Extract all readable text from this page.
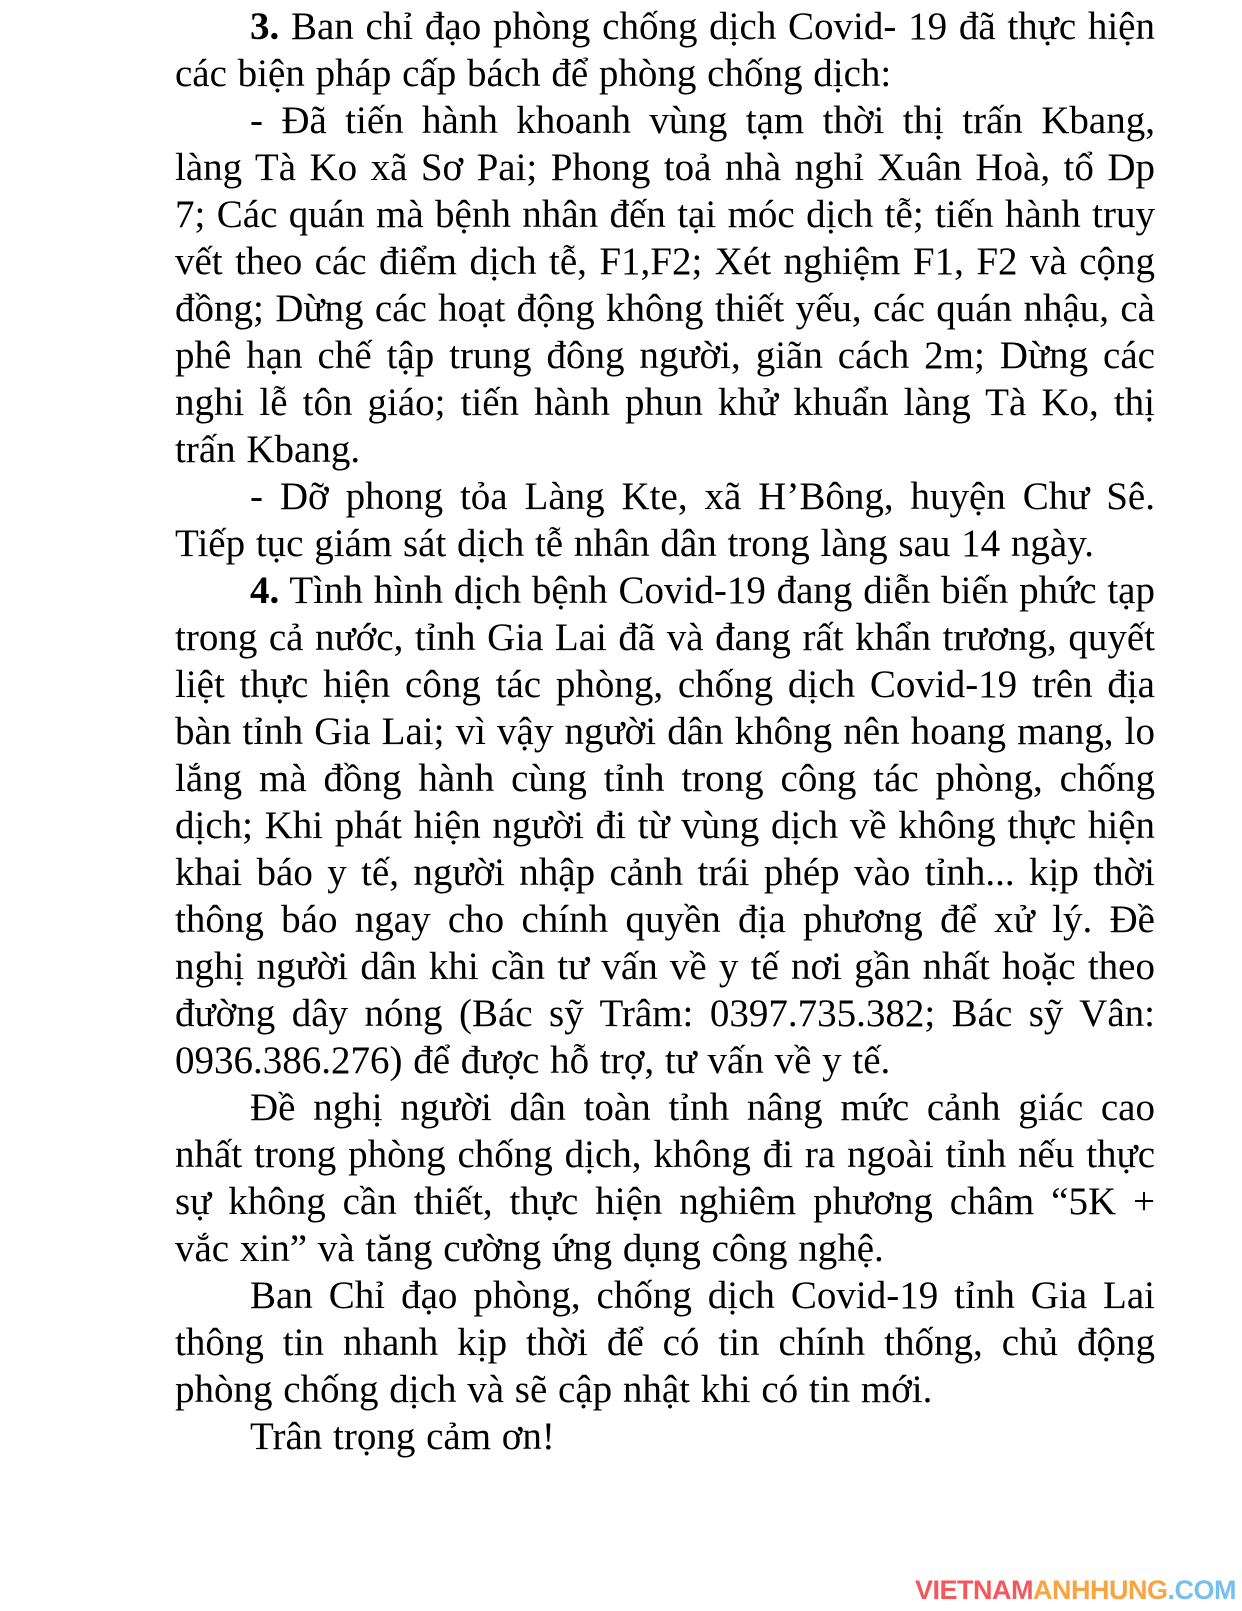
3. Ban chỉ đạo phòng chống dịch Covid- 19 đã thực hiện các biện pháp cấp bách để phòng chống dịch:

- Đã tiến hành khoanh vùng tạm thời thị trấn Kbang, làng Tà Ko xã Sơ Pai; Phong toả nhà nghỉ Xuân Hoà, tổ Dp 7; Các quán mà bệnh nhân đến tại móc dịch tễ; tiến hành truy vết theo các điểm dịch tễ, F1,F2; Xét nghiệm F1, F2 và cộng đồng; Dừng các hoạt động không thiết yếu, các quán nhậu, cà phê hạn chế tập trung đông người, giãn cách 2m; Dừng các nghi lễ tôn giáo; tiến hành phun khử khuẩn làng Tà Ko, thị trấn Kbang.

- Dỡ phong tỏa Làng Kte, xã H’Bông, huyện Chư Sê. Tiếp tục giám sát dịch tễ nhân dân trong làng sau 14 ngày.

4. Tình hình dịch bệnh Covid-19 đang diễn biến phức tạp trong cả nước, tỉnh Gia Lai đã và đang rất khẩn trương, quyết liệt thực hiện công tác phòng, chống dịch Covid-19 trên địa bàn tỉnh Gia Lai; vì vậy người dân không nên hoang mang, lo lắng mà đồng hành cùng tỉnh trong công tác phòng, chống dịch; Khi phát hiện người đi từ vùng dịch về không thực hiện khai báo y tế, người nhập cảnh trái phép vào tỉnh... kịp thời thông báo ngay cho chính quyền địa phương để xử lý. Đề nghị người dân khi cần tư vấn về y tế nơi gần nhất hoặc theo đường dây nóng (Bác sỹ Trâm: 0397.735.382; Bác sỹ Vân: 0936.386.276) để được hỗ trợ, tư vấn về y tế.

Đề nghị người dân toàn tỉnh nâng mức cảnh giác cao nhất trong phòng chống dịch, không đi ra ngoài tỉnh nếu thực sự không cần thiết, thực hiện nghiêm phương châm “5K + vắc xin” và tăng cường ứng dụng công nghệ.

Ban Chỉ đạo phòng, chống dịch Covid-19 tỉnh Gia Lai thông tin nhanh kịp thời để có tin chính thống, chủ động phòng chống dịch và sẽ cập nhật khi có tin mới.

Trân trọng cảm ơn!

VIETNAMANHHUNG.COM
